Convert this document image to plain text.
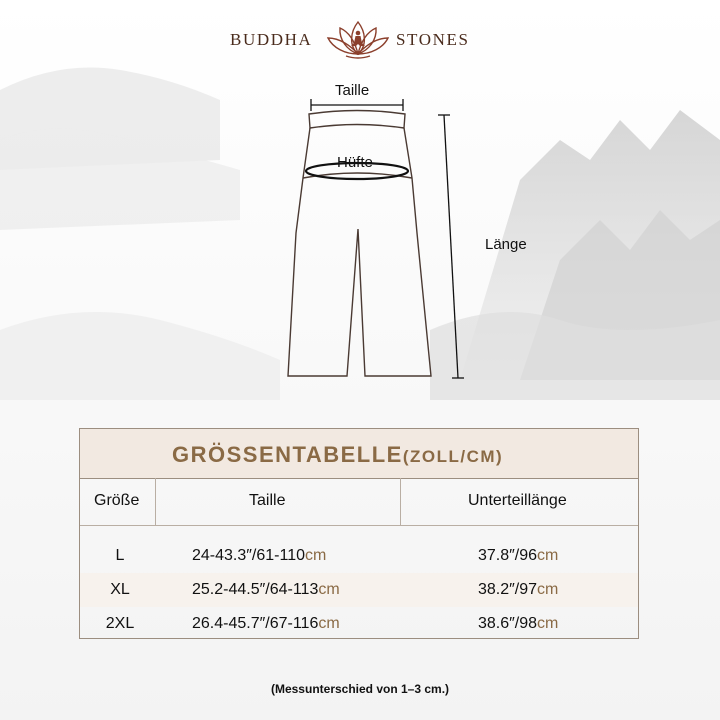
BUDDHA	STONES
Taille
Hüfte
Länge
GRÖSSENTABELLE(ZOLL/CM)
Größe	Taille	Unterteillänge
L	24-43.3″/61-110cm	37.8″/96cm
XL	25.2-44.5″/64-113cm	38.2″/97cm
2XL	26.4-45.7″/67-116cm	38.6″/98cm
(Messunterschied von 1–3 cm.)
